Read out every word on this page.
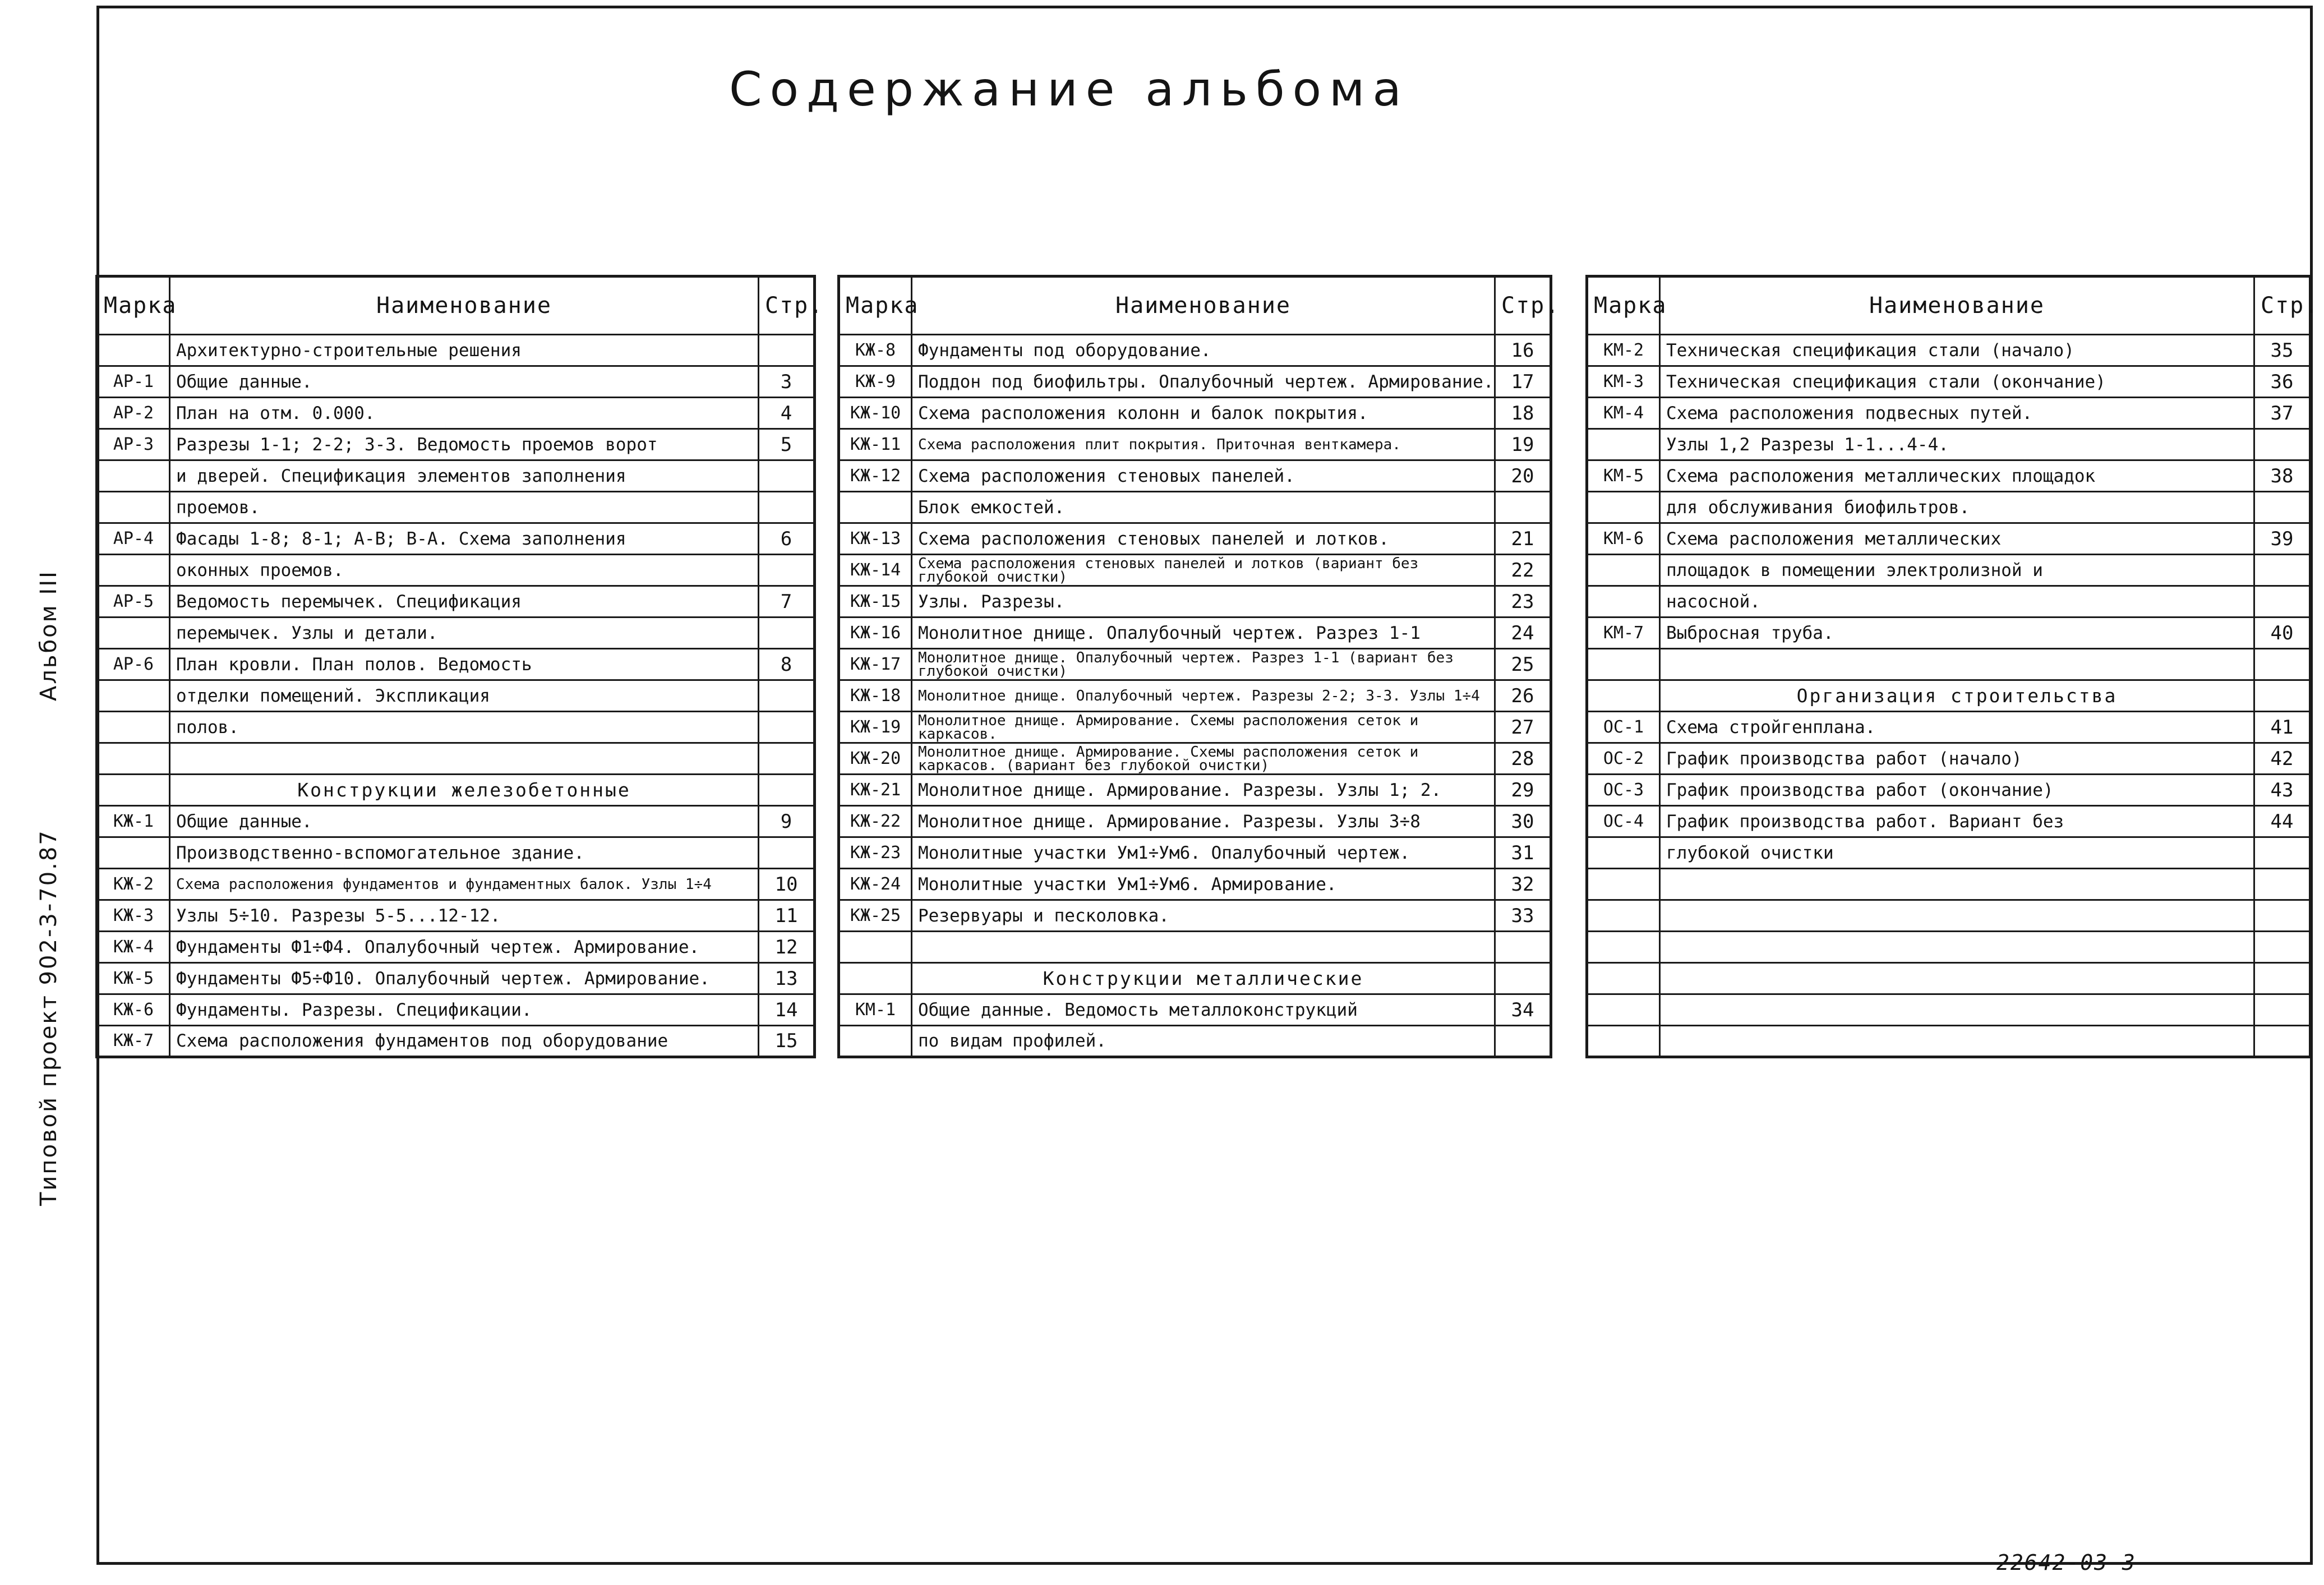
Содержание альбома
Альбом III
Типовой проект 902-3-70.87
Марка	Наименование	Стр.
	Архитектурно-строительные решения	
АР-1	Общие данные.	3
АР-2	План на отм. 0.000.	4
АР-3	Разрезы 1-1; 2-2; 3-3. Ведомость проемов ворот	5
	и дверей. Спецификация элементов заполнения	
	проемов.	
АР-4	Фасады 1-8; 8-1; А-В; В-А. Схема заполнения	6
	оконных проемов.	
АР-5	Ведомость перемычек. Спецификация	7
	перемычек. Узлы и детали.	
АР-6	План кровли. План полов. Ведомость	8
	отделки помещений. Экспликация	
	полов.	

	Конструкции железобетонные	
КЖ-1	Общие данные.	9
	Производственно-вспомогательное здание.	
КЖ-2	Схема расположения фундаментов и фундаментных балок. Узлы 1÷4	10
КЖ-3	Узлы 5÷10. Разрезы 5-5...12-12.	11
КЖ-4	Фундаменты Ф1÷Ф4. Опалубочный чертеж. Армирование.	12
КЖ-5	Фундаменты Ф5÷Ф10. Опалубочный чертеж. Армирование.	13
КЖ-6	Фундаменты. Разрезы. Спецификации.	14
КЖ-7	Схема расположения фундаментов под оборудование	15
Марка	Наименование	Стр.
КЖ-8	Фундаменты под оборудование.	16
КЖ-9	Поддон под биофильтры. Опалубочный чертеж. Армирование.	17
КЖ-10	Схема расположения колонн и балок покрытия.	18
КЖ-11	Схема расположения плит покрытия. Приточная венткамера.	19
КЖ-12	Схема расположения стеновых панелей.	20
	Блок емкостей.	
КЖ-13	Схема расположения стеновых панелей и лотков.	21
КЖ-14	Схема расположения стеновых панелей и лотков (вариант без глубокой очистки)	22
КЖ-15	Узлы. Разрезы.	23
КЖ-16	Монолитное днище. Опалубочный чертеж. Разрез 1-1	24
КЖ-17	Монолитное днище. Опалубочный чертеж. Разрез 1-1 (вариант без глубокой очистки)	25
КЖ-18	Монолитное днище. Опалубочный чертеж. Разрезы 2-2; 3-3. Узлы 1÷4	26
КЖ-19	Монолитное днище. Армирование. Схемы расположения сеток и каркасов.	27
КЖ-20	Монолитное днище. Армирование. Схемы расположения сеток и каркасов. (вариант без глубокой очистки)	28
КЖ-21	Монолитное днище. Армирование. Разрезы. Узлы 1; 2.	29
КЖ-22	Монолитное днище. Армирование. Разрезы. Узлы 3÷8	30
КЖ-23	Монолитные участки Ум1÷Ум6. Опалубочный чертеж.	31
КЖ-24	Монолитные участки Ум1÷Ум6. Армирование.	32
КЖ-25	Резервуары и песколовка.	33

	Конструкции металлические	
КМ-1	Общие данные. Ведомость металлоконструкций	34
	по видам профилей.	
Марка	Наименование	Стр.
КМ-2	Техническая спецификация стали (начало)	35
КМ-3	Техническая спецификация стали (окончание)	36
КМ-4	Схема расположения подвесных путей.	37
	Узлы 1,2 Разрезы 1-1...4-4.	
КМ-5	Схема расположения металлических площадок	38
	для обслуживания биофильтров.	
КМ-6	Схема расположения металлических	39
	площадок в помещении электролизной и	
	насосной.	
КМ-7	Выбросная труба.	40

	Организация строительства	
ОС-1	Схема стройгенплана.	41
ОС-2	График производства работ (начало)	42
ОС-3	График производства работ (окончание)	43
ОС-4	График производства работ. Вариант без	44
	глубокой очистки	

22642-03 3
